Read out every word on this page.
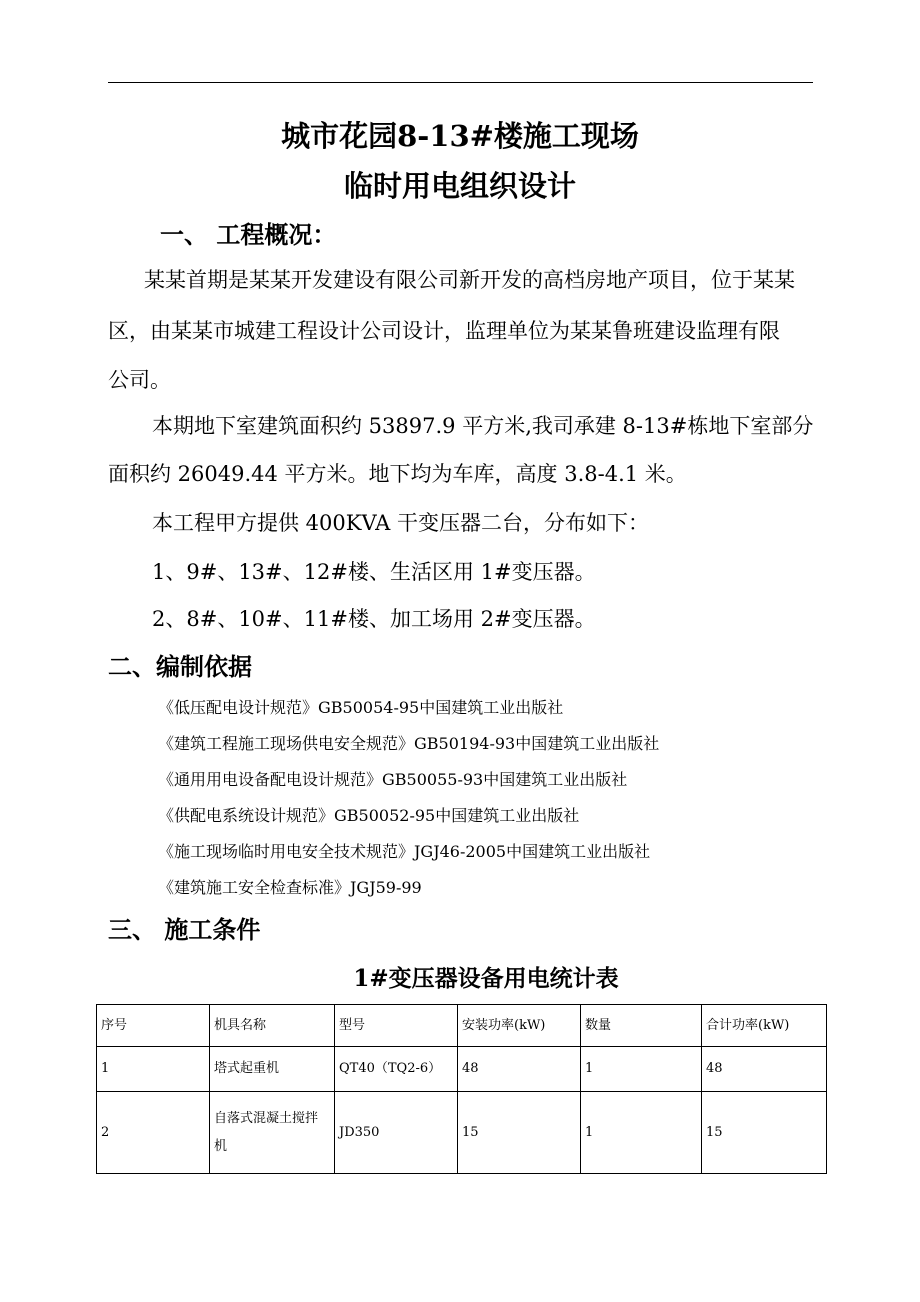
城市花园8-13#楼施工现场
临时用电组织设计
一、 工程概况：
某某首期是某某开发建设有限公司新开发的高档房地产项目，位于某某
区，由某某市城建工程设计公司设计，监理单位为某某鲁班建设监理有限
公司。
本期地下室建筑面积约 53897.9 平方米,我司承建 8-13#栋地下室部分
面积约 26049.44 平方米。地下均为车库，高度 3.8-4.1 米。
本工程甲方提供 400KVA 干变压器二台，分布如下：
1、9#、13#、12#楼、生活区用 1#变压器。
2、8#、10#、11#楼、加工场用 2#变压器。
二、编制依据
《低压配电设计规范》GB50054-95中国建筑工业出版社
《建筑工程施工现场供电安全规范》GB50194-93中国建筑工业出版社
《通用用电设备配电设计规范》GB50055-93中国建筑工业出版社
《供配电系统设计规范》GB50052-95中国建筑工业出版社
《施工现场临时用电安全技术规范》JGJ46-2005中国建筑工业出版社
《建筑施工安全检查标准》JGJ59-99
三、 施工条件
1#变压器设备用电统计表
序号	机具名称	型号	安装功率(kW)	数量	合计功率(kW)
1	塔式起重机	QT40（TQ2-6）	48	1	48
2	自落式混凝土搅拌机	JD350	15	1	15
